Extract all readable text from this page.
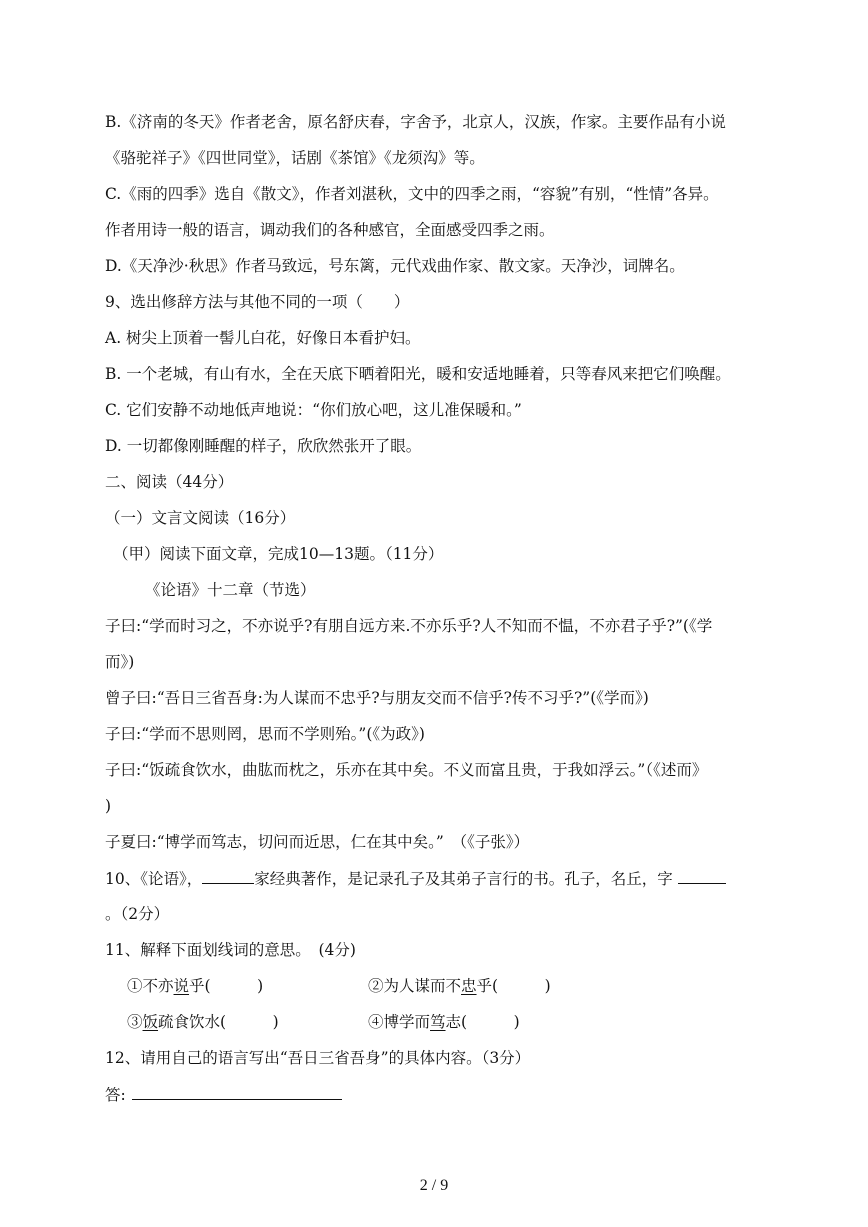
B.《济南的冬天》作者老舍，原名舒庆春，字舍予，北京人，汉族，作家。主要作品有小说
《骆驼祥子》《四世同堂》，话剧《茶馆》《龙须沟》等。
C.《雨的四季》选自《散文》，作者刘湛秋，文中的四季之雨，“容貌”有别，“性情”各异。
作者用诗一般的语言，调动我们的各种感官，全面感受四季之雨。
D.《天净沙·秋思》作者马致远，号东篱，元代戏曲作家、散文家。天净沙，词牌名。
9、选出修辞方法与其他不同的一项（　　）
A. 树尖上顶着一髻儿白花，好像日本看护妇。
B. 一个老城，有山有水，全在天底下晒着阳光，暖和安适地睡着，只等春风来把它们唤醒。
C. 它们安静不动地低声地说：“你们放心吧，这儿准保暖和。”
D. 一切都像刚睡醒的样子，欣欣然张开了眼。
二、阅读（44分）
（一）文言文阅读（16分）
（甲）阅读下面文章，完成10—13题。（11分）
《论语》十二章（节选）
子曰:“学而时习之，不亦说乎?有朋自远方来.不亦乐乎?人不知而不愠，不亦君子乎?”(《学
而》)
曾子曰:“吾日三省吾身:为人谋而不忠乎?与朋友交而不信乎?传不习乎?”(《学而》)
子曰:“学而不思则罔，思而不学则殆。”(《为政》)
子曰:“饭疏食饮水，曲肱而枕之，乐亦在其中矣。不义而富且贵，于我如浮云。”（《述而》
)
子夏曰:“博学而笃志，切问而近思，仁在其中矣。”　（《子张》）
10、《论语》，	家经典著作，是记录孔子及其弟子言行的书。孔子，名丘，字
。（2分）
11、解释下面划线词的意思。　(4分)
①不亦说乎(　　　)	②为人谋而不忠乎(　　　)
③饭疏食饮水(　　　)	④博学而笃志(　　　)
12、请用自己的语言写出“吾日三省吾身”的具体内容。（3分）
答:
2 / 9
